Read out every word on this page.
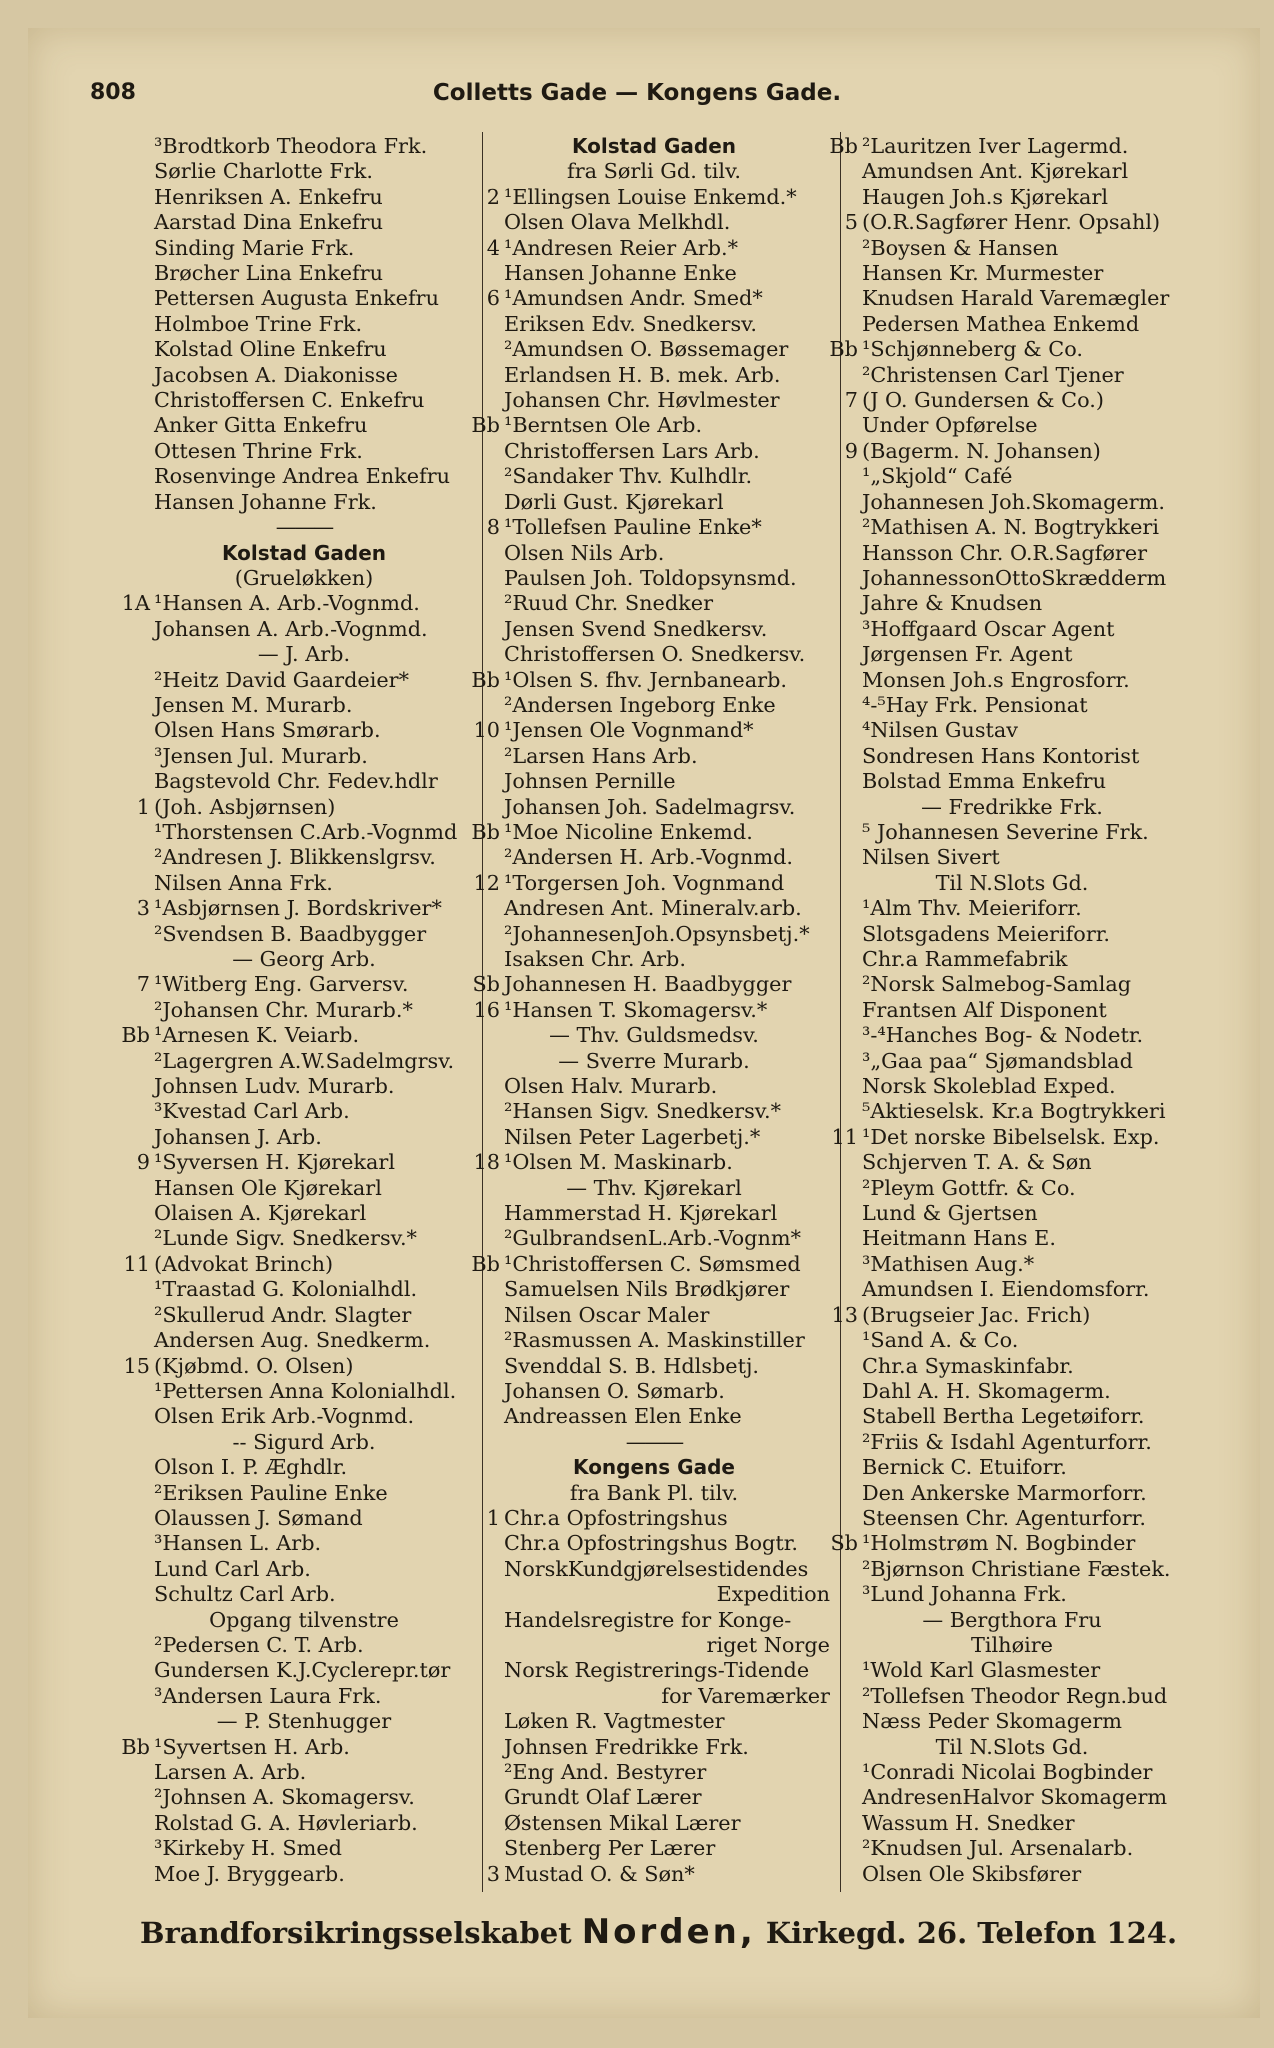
808	Colletts Gade — Kongens Gade.
³Brodtkorb Theodora Frk.
Sørlie Charlotte Frk.
Henriksen A. Enkefru
Aarstad Dina Enkefru
Sinding Marie Frk.
Brøcher Lina Enkefru
Pettersen Augusta Enkefru
Holmboe Trine Frk.
Kolstad Oline Enkefru
Jacobsen A. Diakonisse
Christoffersen C. Enkefru
Anker Gitta Enkefru
Ottesen Thrine Frk.
Rosenvinge Andrea Enkefru
Hansen Johanne Frk.
———
Kolstad Gaden
(Grueløkken)
1A ¹Hansen A. Arb.-Vognmd.
Johansen A. Arb.-Vognmd.
— J. Arb.
²Heitz David Gaardeier*
Jensen M. Murarb.
Olsen Hans Smørarb.
³Jensen Jul. Murarb.
Bagstevold Chr. Fedev.hdlr
1 (Joh. Asbjørnsen)
¹Thorstensen C.Arb.-Vognmd
²Andresen J. Blikkenslgrsv.
Nilsen Anna Frk.
3 ¹Asbjørnsen J. Bordskriver*
²Svendsen B. Baadbygger
— Georg Arb.
7 ¹Witberg Eng. Garversv.
²Johansen Chr. Murarb.*
Bb ¹Arnesen K. Veiarb.
²Lagergren A.W.Sadelmgrsv.
Johnsen Ludv. Murarb.
³Kvestad Carl Arb.
Johansen J. Arb.
9 ¹Syversen H. Kjørekarl
Hansen Ole Kjørekarl
Olaisen A. Kjørekarl
²Lunde Sigv. Snedkersv.*
11 (Advokat Brinch)
¹Traastad G. Kolonialhdl.
²Skullerud Andr. Slagter
Andersen Aug. Snedkerm.
15 (Kjøbmd. O. Olsen)
¹Pettersen Anna Kolonialhdl.
Olsen Erik Arb.-Vognmd.
-- Sigurd Arb.
Olson I. P. Æghdlr.
²Eriksen Pauline Enke
Olaussen J. Sømand
³Hansen L. Arb.
Lund Carl Arb.
Schultz Carl Arb.
Opgang tilvenstre
²Pedersen C. T. Arb.
Gundersen K.J.Cyclerepr.tør
³Andersen Laura Frk.
— P. Stenhugger
Bb ¹Syvertsen H. Arb.
Larsen A. Arb.
²Johnsen A. Skomagersv.
Rolstad G. A. Høvleriarb.
³Kirkeby H. Smed
Moe J. Bryggearb.
Kolstad Gaden
fra Sørli Gd. tilv.
2 ¹Ellingsen Louise Enkemd.*
Olsen Olava Melkhdl.
4 ¹Andresen Reier Arb.*
Hansen Johanne Enke
6 ¹Amundsen Andr. Smed*
Eriksen Edv. Snedkersv.
²Amundsen O. Bøssemager
Erlandsen H. B. mek. Arb.
Johansen Chr. Høvlmester
Bb ¹Berntsen Ole Arb.
Christoffersen Lars Arb.
²Sandaker Thv. Kulhdlr.
Dørli Gust. Kjørekarl
8 ¹Tollefsen Pauline Enke*
Olsen Nils Arb.
Paulsen Joh. Toldopsynsmd.
²Ruud Chr. Snedker
Jensen Svend Snedkersv.
Christoffersen O. Snedkersv.
Bb ¹Olsen S. fhv. Jernbanearb.
²Andersen Ingeborg Enke
10 ¹Jensen Ole Vognmand*
²Larsen Hans Arb.
Johnsen Pernille
Johansen Joh. Sadelmagrsv.
Bb ¹Moe Nicoline Enkemd.
²Andersen H. Arb.-Vognmd.
12 ¹Torgersen Joh. Vognmand
Andresen Ant. Mineralv.arb.
²JohannesenJoh.Opsynsbetj.*
Isaksen Chr. Arb.
Sb Johannesen H. Baadbygger
16 ¹Hansen T. Skomagersv.*
— Thv. Guldsmedsv.
— Sverre Murarb.
Olsen Halv. Murarb.
²Hansen Sigv. Snedkersv.*
Nilsen Peter Lagerbetj.*
18 ¹Olsen M. Maskinarb.
— Thv. Kjørekarl
Hammerstad H. Kjørekarl
²GulbrandsenL.Arb.-Vognm*
Bb ¹Christoffersen C. Sømsmed
Samuelsen Nils Brødkjører
Nilsen Oscar Maler
²Rasmussen A. Maskinstiller
Svenddal S. B. Hdlsbetj.
Johansen O. Sømarb.
Andreassen Elen Enke
———
Kongens Gade
fra Bank Pl. tilv.
1 Chr.a Opfostringshus
Chr.a Opfostringshus Bogtr.
NorskKundgjørelsestidendes
Expedition
Handelsregistre for Konge-
riget Norge
Norsk Registrerings-Tidende
for Varemærker
Løken R. Vagtmester
Johnsen Fredrikke Frk.
²Eng And. Bestyrer
Grundt Olaf Lærer
Østensen Mikal Lærer
Stenberg Per Lærer
3 Mustad O. & Søn*
Bb ²Lauritzen Iver Lagermd.
Amundsen Ant. Kjørekarl
Haugen Joh.s Kjørekarl
5 (O.R.Sagfører Henr. Opsahl)
²Boysen & Hansen
Hansen Kr. Murmester
Knudsen Harald Varemægler
Pedersen Mathea Enkemd
Bb ¹Schjønneberg & Co.
²Christensen Carl Tjener
7 (J O. Gundersen & Co.)
Under Opførelse
9 (Bagerm. N. Johansen)
¹„Skjold“ Café
Johannesen Joh.Skomagerm.
²Mathisen A. N. Bogtrykkeri
Hansson Chr. O.R.Sagfører
JohannessonOttoSkrædderm
Jahre & Knudsen
³Hoffgaard Oscar Agent
Jørgensen Fr. Agent
Monsen Joh.s Engrosforr.
⁴-⁵Hay Frk. Pensionat
⁴Nilsen Gustav
Sondresen Hans Kontorist
Bolstad Emma Enkefru
— Fredrikke Frk.
⁵ Johannesen Severine Frk.
Nilsen Sivert
Til N.Slots Gd.
¹Alm Thv. Meieriforr.
Slotsgadens Meieriforr.
Chr.a Rammefabrik
²Norsk Salmebog-Samlag
Frantsen Alf Disponent
³-⁴Hanches Bog- & Nodetr.
³„Gaa paa“ Sjømandsblad
Norsk Skoleblad Exped.
⁵Aktieselsk. Kr.a Bogtrykkeri
11 ¹Det norske Bibelselsk. Exp.
Schjerven T. A. & Søn
²Pleym Gottfr. & Co.
Lund & Gjertsen
Heitmann Hans E.
³Mathisen Aug.*
Amundsen I. Eiendomsforr.
13 (Brugseier Jac. Frich)
¹Sand A. & Co.
Chr.a Symaskinfabr.
Dahl A. H. Skomagerm.
Stabell Bertha Legetøiforr.
²Friis & Isdahl Agenturforr.
Bernick C. Etuiforr.
Den Ankerske Marmorforr.
Steensen Chr. Agenturforr.
Sb ¹Holmstrøm N. Bogbinder
²Bjørnson Christiane Fæstek.
³Lund Johanna Frk.
— Bergthora Fru
Tilhøire
¹Wold Karl Glasmester
²Tollefsen Theodor Regn.bud
Næss Peder Skomagerm
Til N.Slots Gd.
¹Conradi Nicolai Bogbinder
AndresenHalvor Skomagerm
Wassum H. Snedker
²Knudsen Jul. Arsenalarb.
Olsen Ole Skibsfører
Brandforsikringsselskabet Norden, Kirkegd. 26. Telefon 124.
